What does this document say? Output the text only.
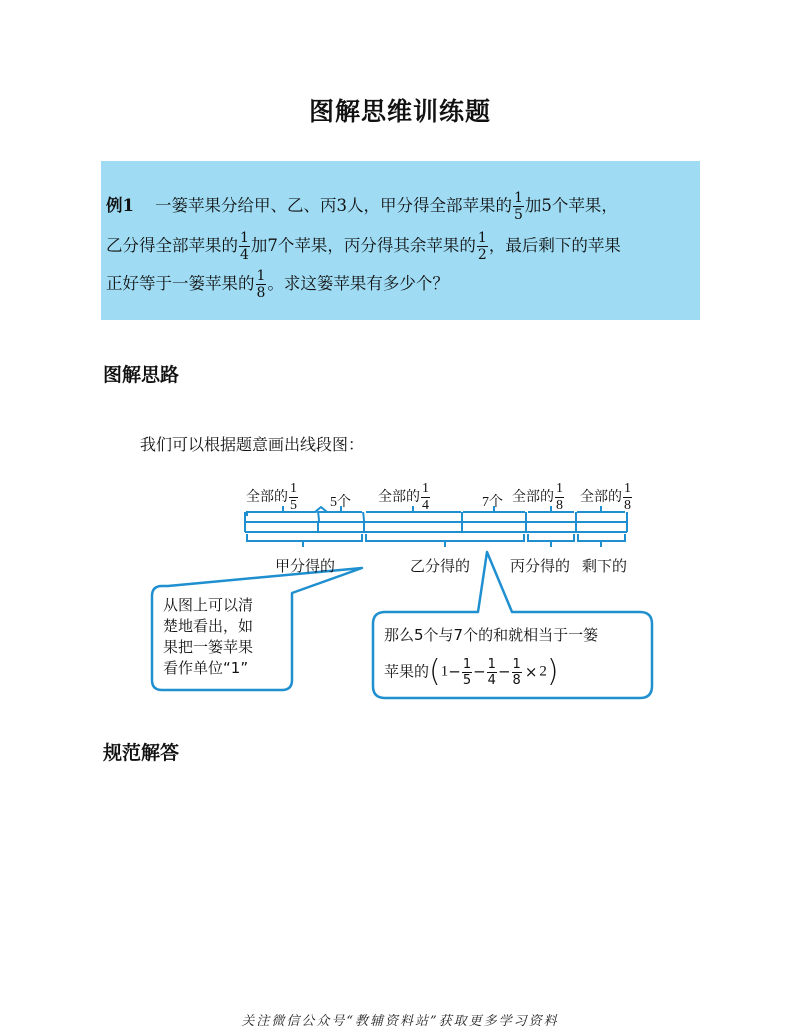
图解思维训练题
例1 一篓苹果分给甲、乙、丙3人，甲分得全部苹果的 $\frac{1}{5}$ 加5个苹果，
乙分得全部苹果的 $\frac{1}{4}$ 加7个苹果，丙分得其余苹果的 $\frac{1}{2}$ ，最后剩下的苹果
正好等于一篓苹果的 $\frac{1}{8}$ 。求这篓苹果有多少个？
图解思路
我们可以根据题意画出线段图：
全部的 $\frac{1}{5} 5$个 全部的 $\frac{1}{4}$	7个 全部的 $\frac{1}{8}$ 全部的 $\frac{1}{8}$
甲分得的	乙分得的	丙分得的 剩下的
从图上可以清
楚地看出，如
果把一篓苹果
看作单位“1”
那么5个与7个的和就相当于一篓
苹果的$(1- \frac{1}{5} - \frac{1}{4} - \frac{1}{8} \times 2)$
规范解答
关注微信公众号“教辅资料站”获取更多学习资料
